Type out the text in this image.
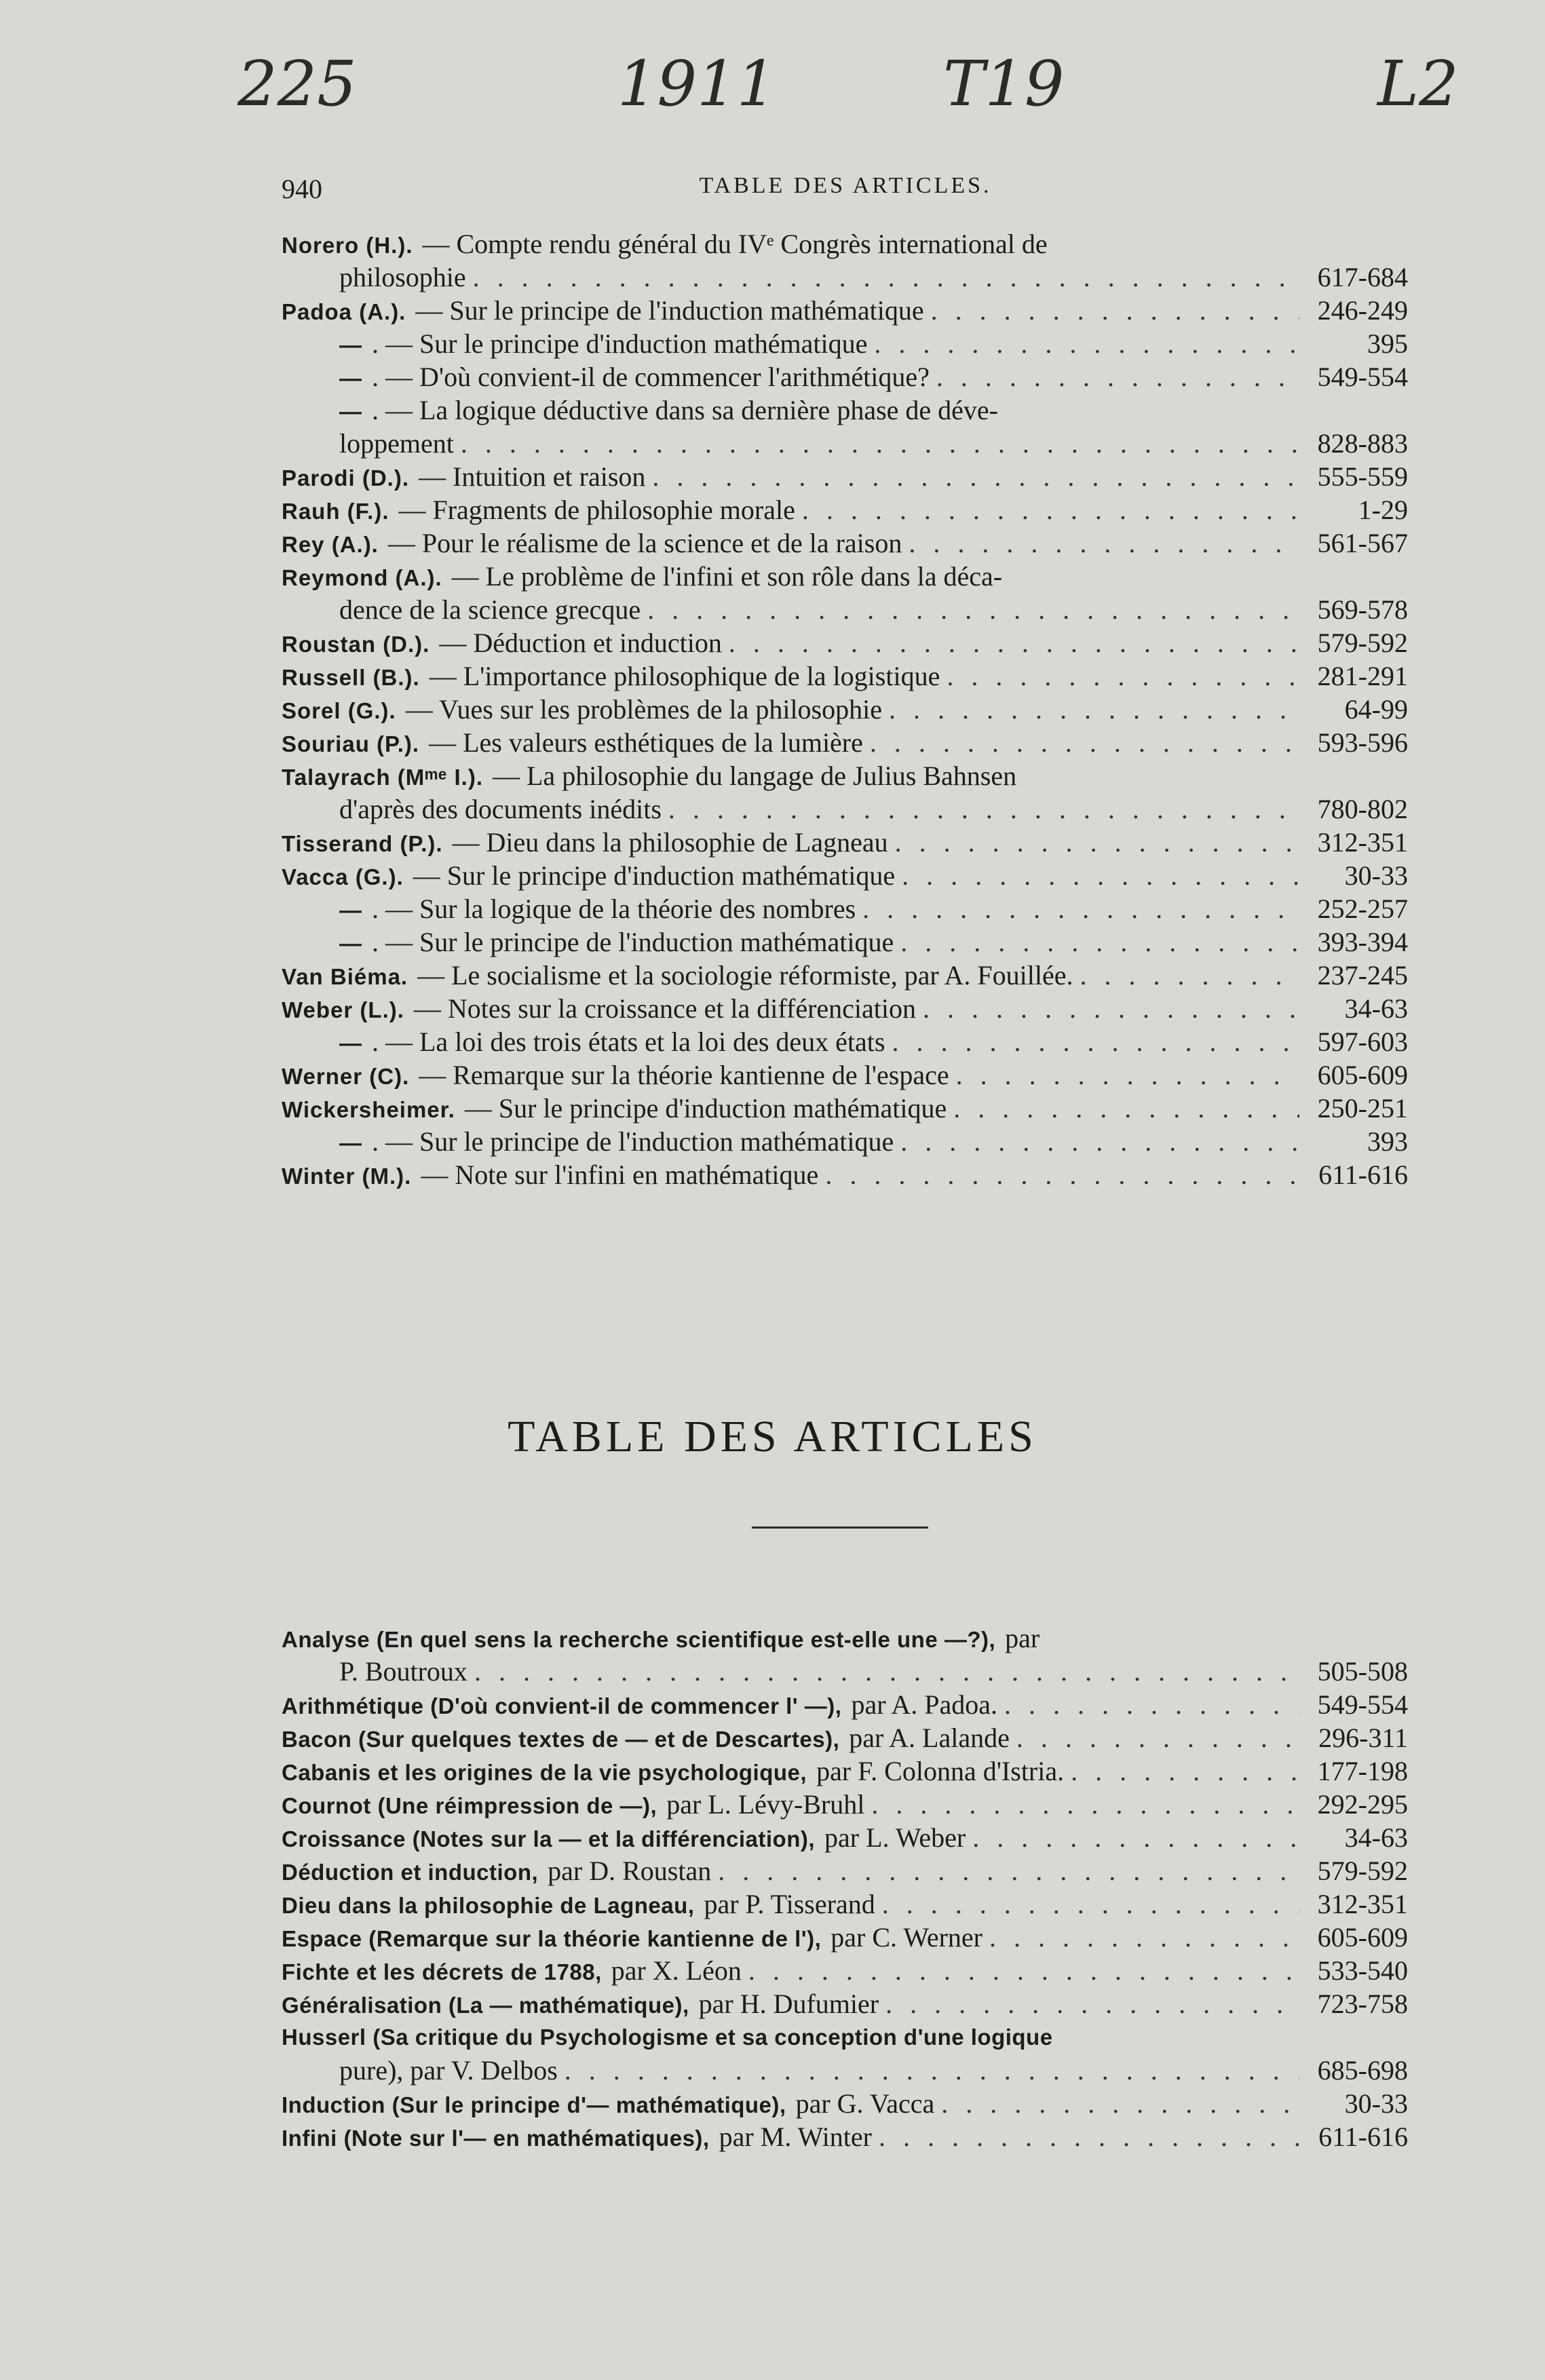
225	1911	T19	L2
940	TABLE DES ARTICLES.
Norero (H.). — Compte rendu général du IVᵉ Congrès international de
philosophie . . .	617-684
Padoa (A.). — Sur le principe de l'induction mathématique . . .	246-249
— . — Sur le principe d'induction mathématique . . .	395
— . — D'où convient-il de commencer l'arithmétique? . . .	549-554
— . — La logique déductive dans sa dernière phase de déve-
loppement . . .	828-883
Parodi (D.). — Intuition et raison . . .	555-559
Rauh (F.). — Fragments de philosophie morale . . .	1-29
Rey (A.). — Pour le réalisme de la science et de la raison . . .	561-567
Reymond (A.). — Le problème de l'infini et son rôle dans la déca-
dence de la science grecque . . .	569-578
Roustan (D.). — Déduction et induction . . .	579-592
Russell (B.). — L'importance philosophique de la logistique . . .	281-291
Sorel (G.). — Vues sur les problèmes de la philosophie . . .	64-99
Souriau (P.). — Les valeurs esthétiques de la lumière . . .	593-596
Talayrach (Mᵐᵉ I.). — La philosophie du langage de Julius Bahnsen
d'après des documents inédits . . .	780-802
Tisserand (P.). — Dieu dans la philosophie de Lagneau . . .	312-351
Vacca (G.). — Sur le principe d'induction mathématique . . .	30-33
— . — Sur la logique de la théorie des nombres . . .	252-257
— . — Sur le principe de l'induction mathématique . . .	393-394
Van Biéma. — Le socialisme et la sociologie réformiste, par A. Fouillée. . . .	237-245
Weber (L.). — Notes sur la croissance et la différenciation . . .	34-63
— . — La loi des trois états et la loi des deux états . . .	597-603
Werner (C). — Remarque sur la théorie kantienne de l'espace . . .	605-609
Wickersheimer. — Sur le principe d'induction mathématique . . .	250-251
— . — Sur le principe de l'induction mathématique . . .	393
Winter (M.). — Note sur l'infini en mathématique . . .	611-616
TABLE DES ARTICLES
Analyse (En quel sens la recherche scientifique est-elle une —?), par
P. Boutroux . . .	505-508
Arithmétique (D'où convient-il de commencer l' —), par A. Padoa. . . .	549-554
Bacon (Sur quelques textes de — et de Descartes), par A. Lalande . . .	296-311
Cabanis et les origines de la vie psychologique, par F. Colonna d'Istria. . . .	177-198
Cournot (Une réimpression de —), par L. Lévy-Bruhl . . .	292-295
Croissance (Notes sur la — et la différenciation), par L. Weber . . .	34-63
Déduction et induction, par D. Roustan . . .	579-592
Dieu dans la philosophie de Lagneau, par P. Tisserand . . .	312-351
Espace (Remarque sur la théorie kantienne de l'), par C. Werner . . .	605-609
Fichte et les décrets de 1788, par X. Léon . . .	533-540
Généralisation (La — mathématique), par H. Dufumier . . .	723-758
Husserl (Sa critique du Psychologisme et sa conception d'une logique
pure), par V. Delbos . . .	685-698
Induction (Sur le principe d'— mathématique), par G. Vacca . . .	30-33
Infini (Note sur l'— en mathématiques), par M. Winter . . .	611-616
